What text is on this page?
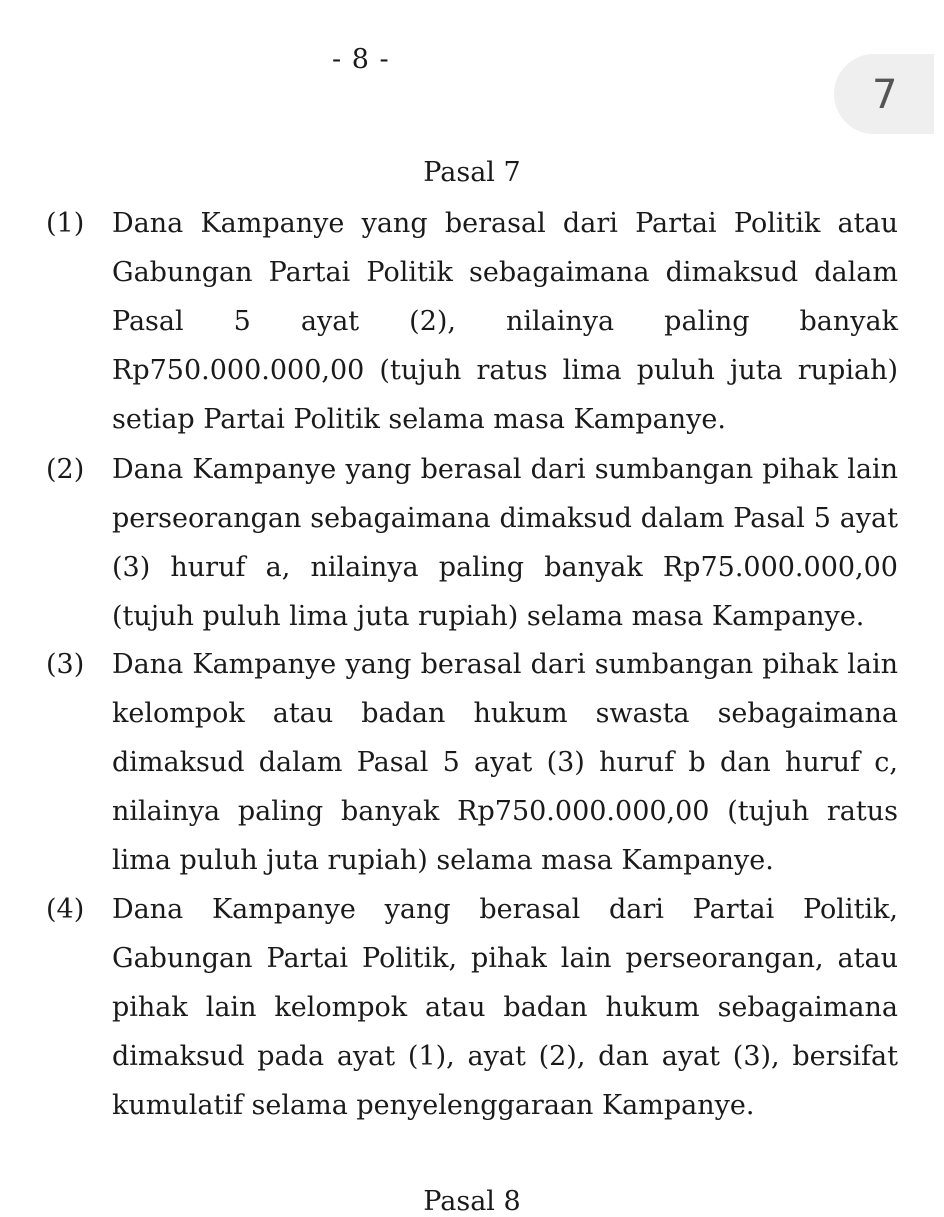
- 8 -
7
Pasal 7
(1) Dana Kampanye yang berasal dari Partai Politik atau Gabungan Partai Politik sebagaimana dimaksud dalam Pasal 5 ayat (2), nilainya paling banyak Rp750.000.000,00 (tujuh ratus lima puluh juta rupiah) setiap Partai Politik selama masa Kampanye.

(2) Dana Kampanye yang berasal dari sumbangan pihak lain perseorangan sebagaimana dimaksud dalam Pasal 5 ayat (3) huruf a, nilainya paling banyak Rp75.000.000,00 (tujuh puluh lima juta rupiah) selama masa Kampanye.

(3) Dana Kampanye yang berasal dari sumbangan pihak lain kelompok atau badan hukum swasta sebagaimana dimaksud dalam Pasal 5 ayat (3) huruf b dan huruf c, nilainya paling banyak Rp750.000.000,00 (tujuh ratus lima puluh juta rupiah) selama masa Kampanye.

(4) Dana Kampanye yang berasal dari Partai Politik, Gabungan Partai Politik, pihak lain perseorangan, atau pihak lain kelompok atau badan hukum sebagaimana dimaksud pada ayat (1), ayat (2), dan ayat (3), bersifat kumulatif selama penyelenggaraan Kampanye.

Pasal 8
